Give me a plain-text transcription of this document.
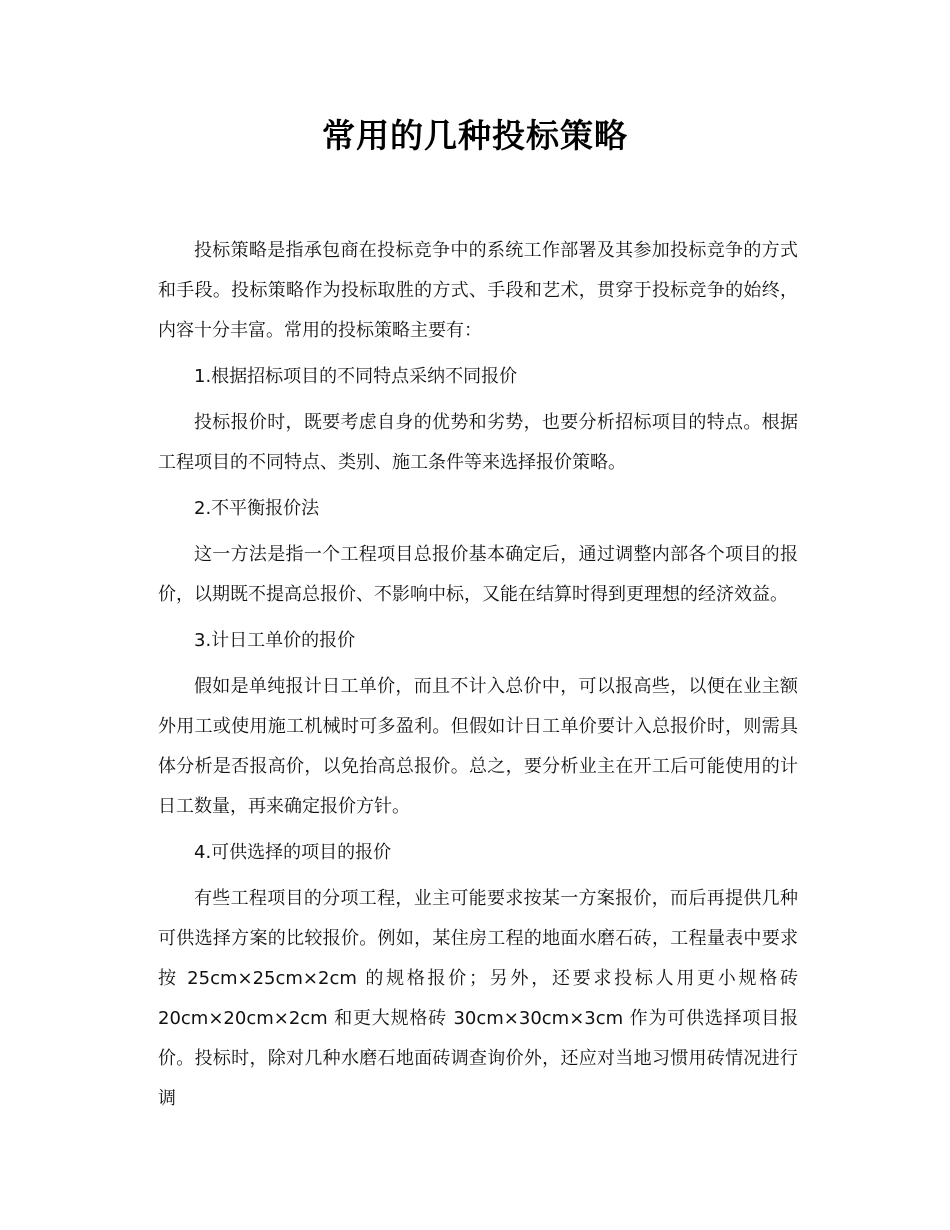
常用的几种投标策略

投标策略是指承包商在投标竞争中的系统工作部署及其参加投标竞争的方式和手段。投标策略作为投标取胜的方式、手段和艺术，贯穿于投标竞争的始终，内容十分丰富。常用的投标策略主要有：

1.根据招标项目的不同特点采纳不同报价

投标报价时，既要考虑自身的优势和劣势，也要分析招标项目的特点。根据工程项目的不同特点、类别、施工条件等来选择报价策略。

2.不平衡报价法

这一方法是指一个工程项目总报价基本确定后，通过调整内部各个项目的报价，以期既不提高总报价、不影响中标，又能在结算时得到更理想的经济效益。

3.计日工单价的报价

假如是单纯报计日工单价，而且不计入总价中，可以报高些，以便在业主额外用工或使用施工机械时可多盈利。但假如计日工单价要计入总报价时，则需具体分析是否报高价，以免抬高总报价。总之，要分析业主在开工后可能使用的计日工数量，再来确定报价方针。

4.可供选择的项目的报价

有些工程项目的分项工程，业主可能要求按某一方案报价，而后再提供几种可供选择方案的比较报价。例如，某住房工程的地面水磨石砖，工程量表中要求按 25cm×25cm×2cm 的规格报价；另外，还要求投标人用更小规格砖 20cm×20cm×2cm 和更大规格砖 30cm×30cm×3cm 作为可供选择项目报价。投标时，除对几种水磨石地面砖调查询价外，还应对当地习惯用砖情况进行调
